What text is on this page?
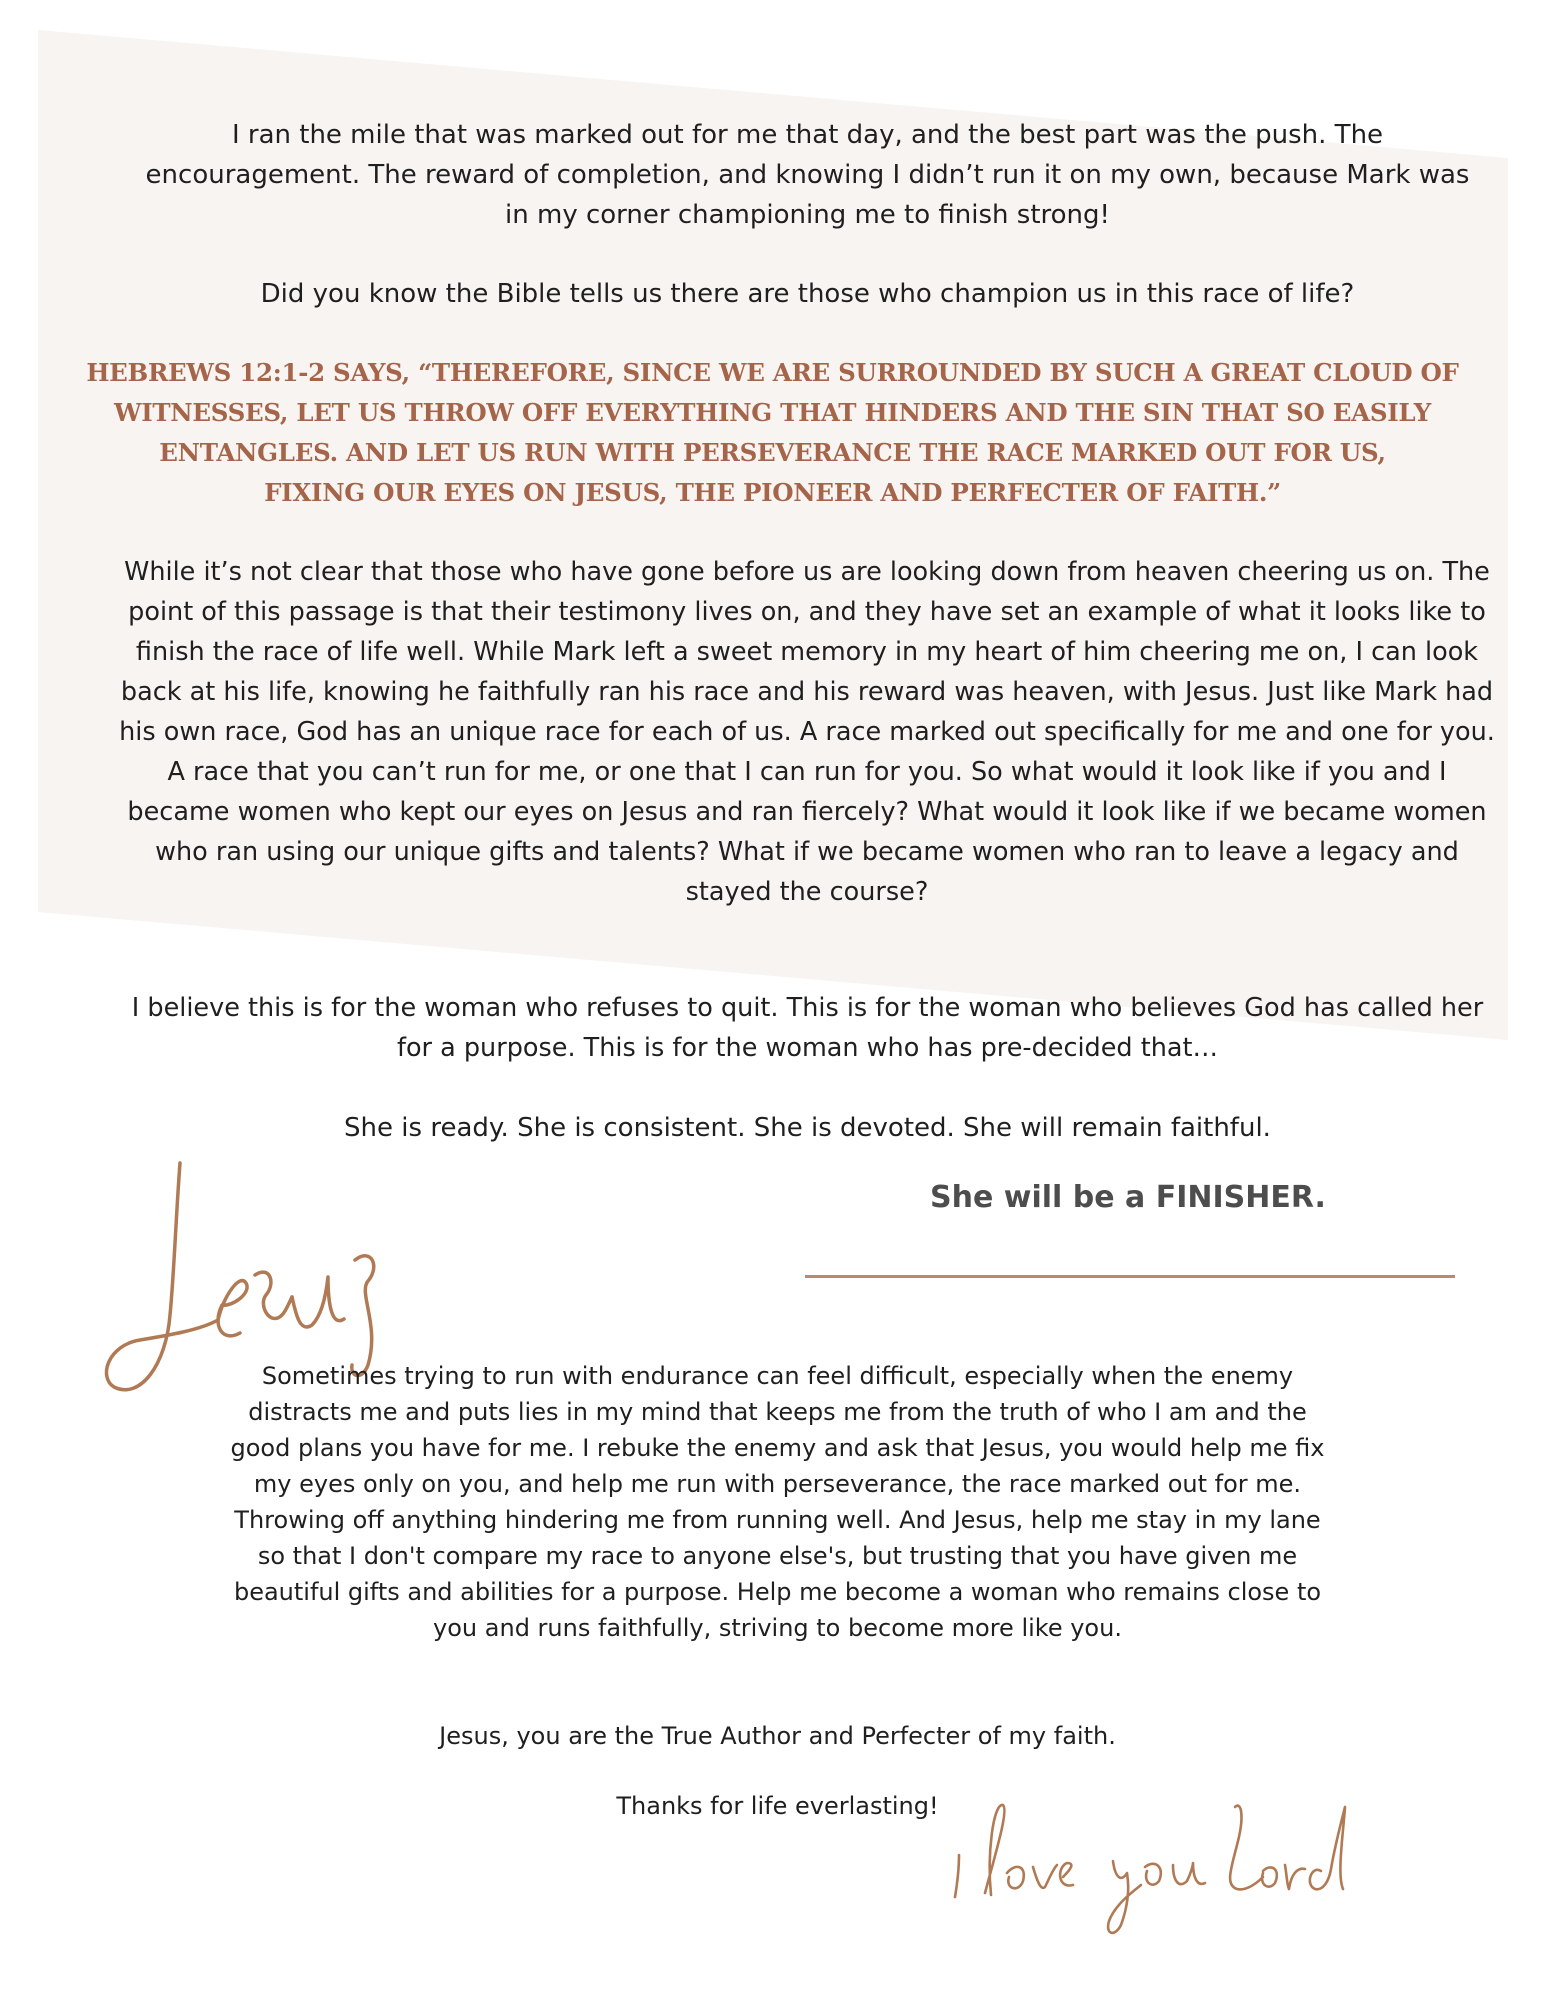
I ran the mile that was marked out for me that day, and the best part was the push. The encouragement. The reward of completion, and knowing I didn’t run it on my own, because Mark was in my corner championing me to finish strong!

Did you know the Bible tells us there are those who champion us in this race of life?

HEBREWS 12:1-2 SAYS, “THEREFORE, SINCE WE ARE SURROUNDED BY SUCH A GREAT CLOUD OF

WITNESSES, LET US THROW OFF EVERYTHING THAT HINDERS AND THE SIN THAT SO EASILY

ENTANGLES. AND LET US RUN WITH PERSEVERANCE THE RACE MARKED OUT FOR US,

FIXING OUR EYES ON JESUS, THE PIONEER AND PERFECTER OF FAITH.”

While it’s not clear that those who have gone before us are looking down from heaven cheering us on. The point of this passage is that their testimony lives on, and they have set an example of what it looks like to finish the race of life well. While Mark left a sweet memory in my heart of him cheering me on, I can look back at his life, knowing he faithfully ran his race and his reward was heaven, with Jesus. Just like Mark had his own race, God has an unique race for each of us. A race marked out specifically for me and one for you. A race that you can’t run for me, or one that I can run for you. So what would it look like if you and I became women who kept our eyes on Jesus and ran fiercely? What would it look like if we became women who ran using our unique gifts and talents? What if we became women who ran to leave a legacy and stayed the course?

I believe this is for the woman who refuses to quit. This is for the woman who believes God has called her for a purpose. This is for the woman who has pre-decided that…

She is ready. She is consistent. She is devoted. She will remain faithful.

She will be a FINISHER.

Sometimes trying to run with endurance can feel difficult, especially when the enemy distracts me and puts lies in my mind that keeps me from the truth of who I am and the good plans you have for me. I rebuke the enemy and ask that Jesus, you would help me fix my eyes only on you, and help me run with perseverance, the race marked out for me. Throwing off anything hindering me from running well. And Jesus, help me stay in my lane so that I don't compare my race to anyone else's, but trusting that you have given me beautiful gifts and abilities for a purpose. Help me become a woman who remains close to you and runs faithfully, striving to become more like you.

Jesus, you are the True Author and Perfecter of my faith.

Thanks for life everlasting!
